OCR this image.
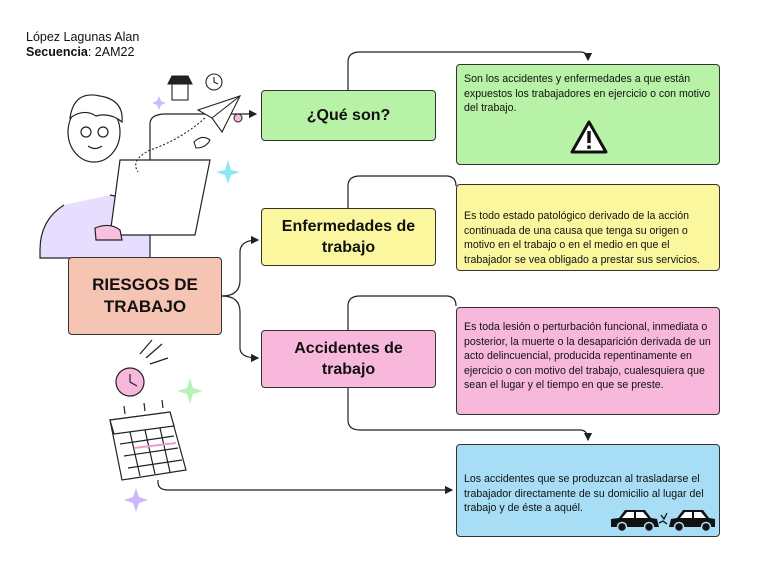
López Lagunas Alan
Secuencia: 2AM22
RIESGOS DE TRABAJO
¿Qué son?
Son los accidentes y enfermedades a que están expuestos los trabajadores en ejercicio o con motivo del trabajo.
Enfermedades de trabajo
Es todo estado patológico derivado de la acción continuada de una causa que tenga su origen o motivo en el trabajo o en el medio en que el trabajador se vea obligado a prestar sus servicios.
Accidentes de trabajo
Es toda lesión o perturbación funcional, inmediata o posterior, la muerte o la desaparición derivada de un acto delincuencial, producida repentinamente en ejercicio o con motivo del trabajo, cualesquiera que sean el lugar y el tiempo en que se preste.
Los accidentes que se produzcan al trasladarse el trabajador directamente de su domicilio al lugar del trabajo y de éste a aquél.
